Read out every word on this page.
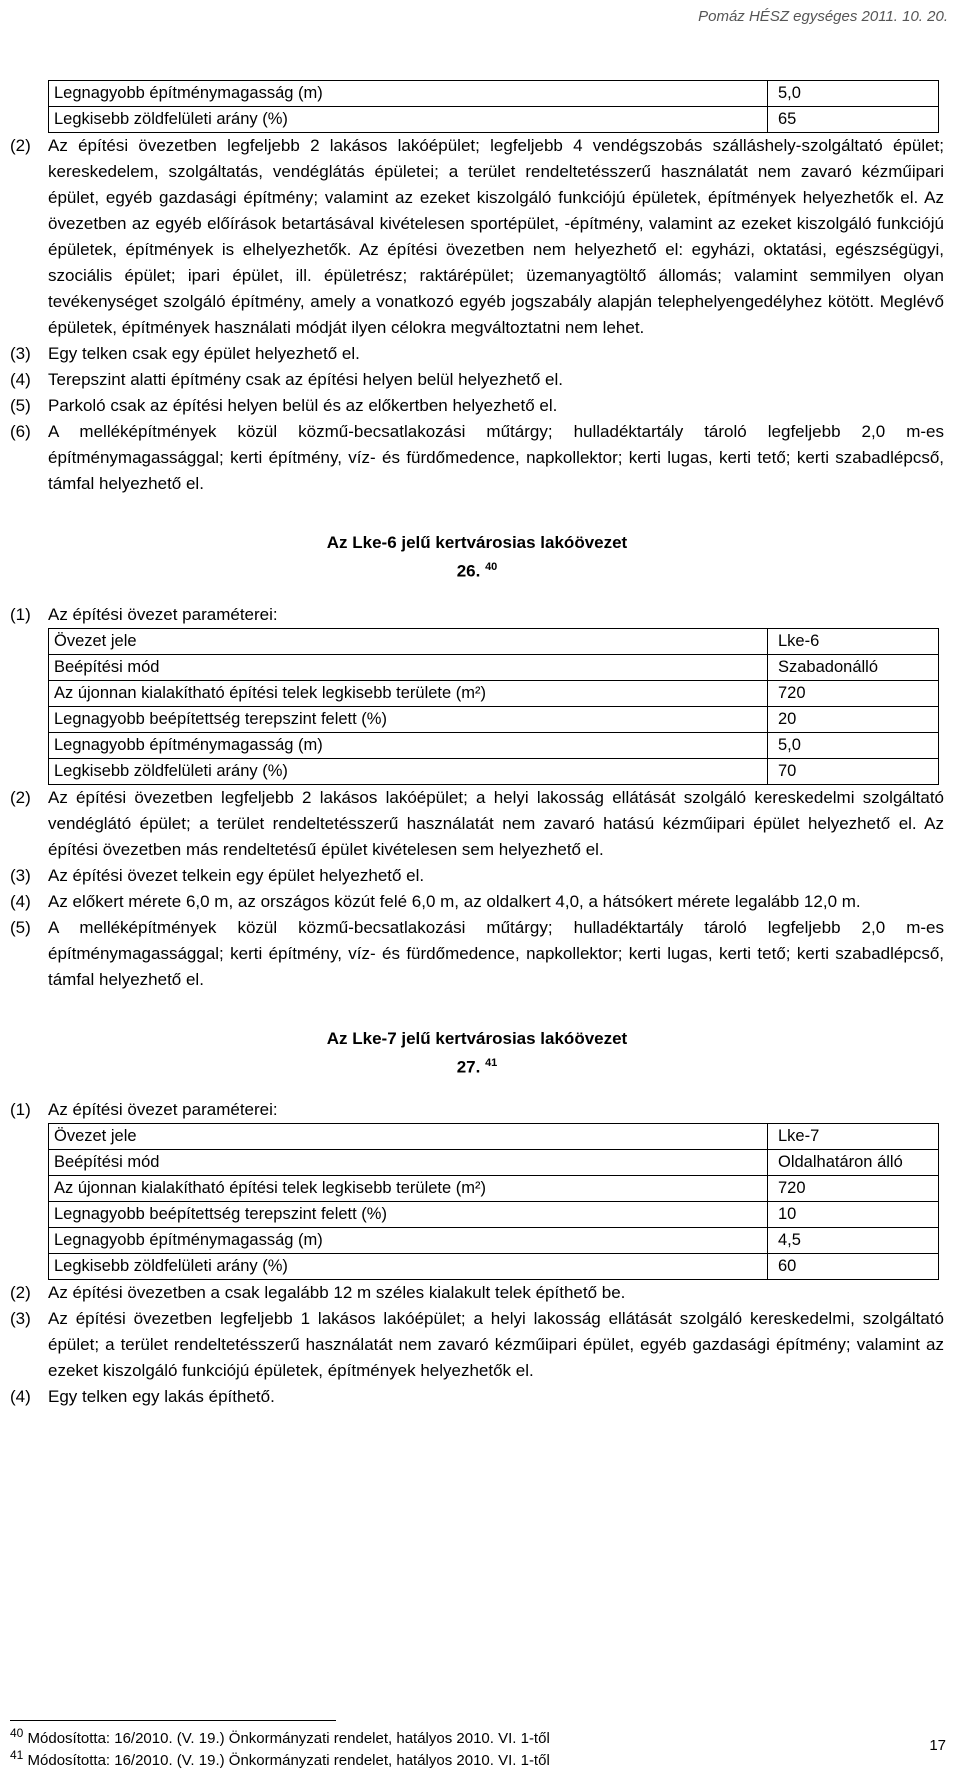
Pomáz HÉSZ egységes 2011. 10. 20.
Legnagyobb építménymagasság (m)	5,0
Legkisebb zöldfelületi arány (%)	65
(2)	Az építési övezetben legfeljebb 2 lakásos lakóépület; legfeljebb 4 vendégszobás szálláshely-szolgáltató épület; kereskedelem, szolgáltatás, vendéglátás épületei; a terület rendeltetésszerű használatát nem zavaró kézműipari épület, egyéb gazdasági építmény; valamint az ezeket kiszolgáló funkciójú épületek, építmények helyezhetők el. Az övezetben az egyéb előírások betartásával kivételesen sportépület, -építmény, valamint az ezeket kiszolgáló funkciójú épületek, építmények is elhelyezhetők. Az építési övezetben nem helyezhető el: egyházi, oktatási, egészségügyi, szociális épület; ipari épület, ill. épületrész; raktárépület; üzemanyagtöltő állomás; valamint semmilyen olyan tevékenységet szolgáló építmény, amely a vonatkozó egyéb jogszabály alapján telephelyengedélyhez kötött. Meglévő épületek, építmények használati módját ilyen célokra megváltoztatni nem lehet.
(3)	Egy telken csak egy épület helyezhető el.
(4)	Terepszint alatti építmény csak az építési helyen belül helyezhető el.
(5)	Parkoló csak az építési helyen belül és az előkertben helyezhető el.
(6)	A melléképítmények közül közmű-becsatlakozási műtárgy; hulladéktartály tároló legfeljebb 2,0 m-es építménymagassággal; kerti építmény, víz- és fürdőmedence, napkollektor; kerti lugas, kerti tető; kerti szabadlépcső, támfal helyezhető el.
Az Lke-6 jelű kertvárosias lakóövezet
26. $^{40}$
(1)	Az építési övezet paraméterei:
Övezet jele	Lke-6
Beépítési mód	Szabadonálló
Az újonnan kialakítható építési telek legkisebb területe (m²)	720
Legnagyobb beépítettség terepszint felett (%)	20
Legnagyobb építménymagasság (m)	5,0
Legkisebb zöldfelületi arány (%)	70
(2)	Az építési övezetben legfeljebb 2 lakásos lakóépület; a helyi lakosság ellátását szolgáló kereskedelmi szolgáltató vendéglátó épület; a terület rendeltetésszerű használatát nem zavaró hatású kézműipari épület helyezhető el. Az építési övezetben más rendeltetésű épület kivételesen sem helyezhető el.
(3)	Az építési övezet telkein egy épület helyezhető el.
(4)	Az előkert mérete 6,0 m, az országos közút felé 6,0 m, az oldalkert 4,0, a hátsókert mérete legalább 12,0 m.
(5)	A melléképítmények közül közmű-becsatlakozási műtárgy; hulladéktartály tároló legfeljebb 2,0 m-es építménymagassággal; kerti építmény, víz- és fürdőmedence, napkollektor; kerti lugas, kerti tető; kerti szabadlépcső, támfal helyezhető el.
Az Lke-7 jelű kertvárosias lakóövezet
27. $^{41}$
(1)	Az építési övezet paraméterei:
Övezet jele	Lke-7
Beépítési mód	Oldalhatáron álló
Az újonnan kialakítható építési telek legkisebb területe (m²)	720
Legnagyobb beépítettség terepszint felett (%)	10
Legnagyobb építménymagasság (m)	4,5
Legkisebb zöldfelületi arány (%)	60
(2)	Az építési övezetben a csak legalább 12 m széles kialakult telek építhető be.
(3)	Az építési övezetben legfeljebb 1 lakásos lakóépület; a helyi lakosság ellátását szolgáló kereskedelmi, szolgáltató épület; a terület rendeltetésszerű használatát nem zavaró kézműipari épület, egyéb gazdasági építmény; valamint az ezeket kiszolgáló funkciójú épületek, építmények helyezhetők el.
(4)	Egy telken egy lakás építhető.
$^{40}$ Módosította: 16/2010. (V. 19.) Önkormányzati rendelet, hatályos 2010. VI. 1-től
$^{41}$ Módosította: 16/2010. (V. 19.) Önkormányzati rendelet, hatályos 2010. VI. 1-től
17
